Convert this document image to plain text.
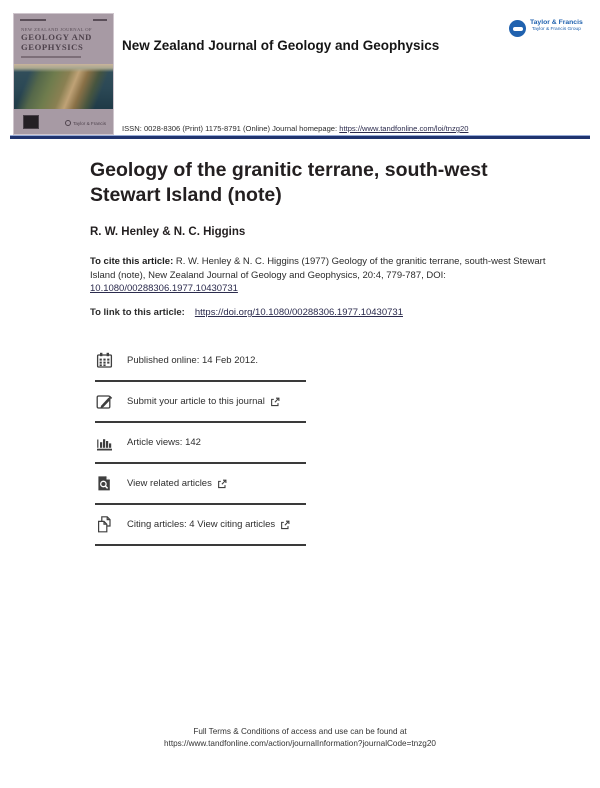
NEW ZEALAND JOURNAL OF
GEOLOGY AND
GEOPHYSICS
Taylor & Francis
Taylor & Francis
Taylor & Francis Group
New Zealand Journal of Geology and Geophysics
ISSN: 0028-8306 (Print) 1175-8791 (Online) Journal homepage: https://www.tandfonline.com/loi/tnzg20
Geology of the granitic terrane, south-west
Stewart Island (note)
R. W. Henley & N. C. Higgins
To cite this article: R. W. Henley & N. C. Higgins (1977) Geology of the granitic terrane, south-west Stewart Island (note), New Zealand Journal of Geology and Geophysics, 20:4, 779-787, DOI: 10.1080/00288306.1977.10430731
To link to this article: https://doi.org/10.1080/00288306.1977.10430731
Published online: 14 Feb 2012.
Submit your article to this journal
Article views: 142
View related articles
Citing articles: 4 View citing articles
Full Terms & Conditions of access and use can be found at
https://www.tandfonline.com/action/journalInformation?journalCode=tnzg20
